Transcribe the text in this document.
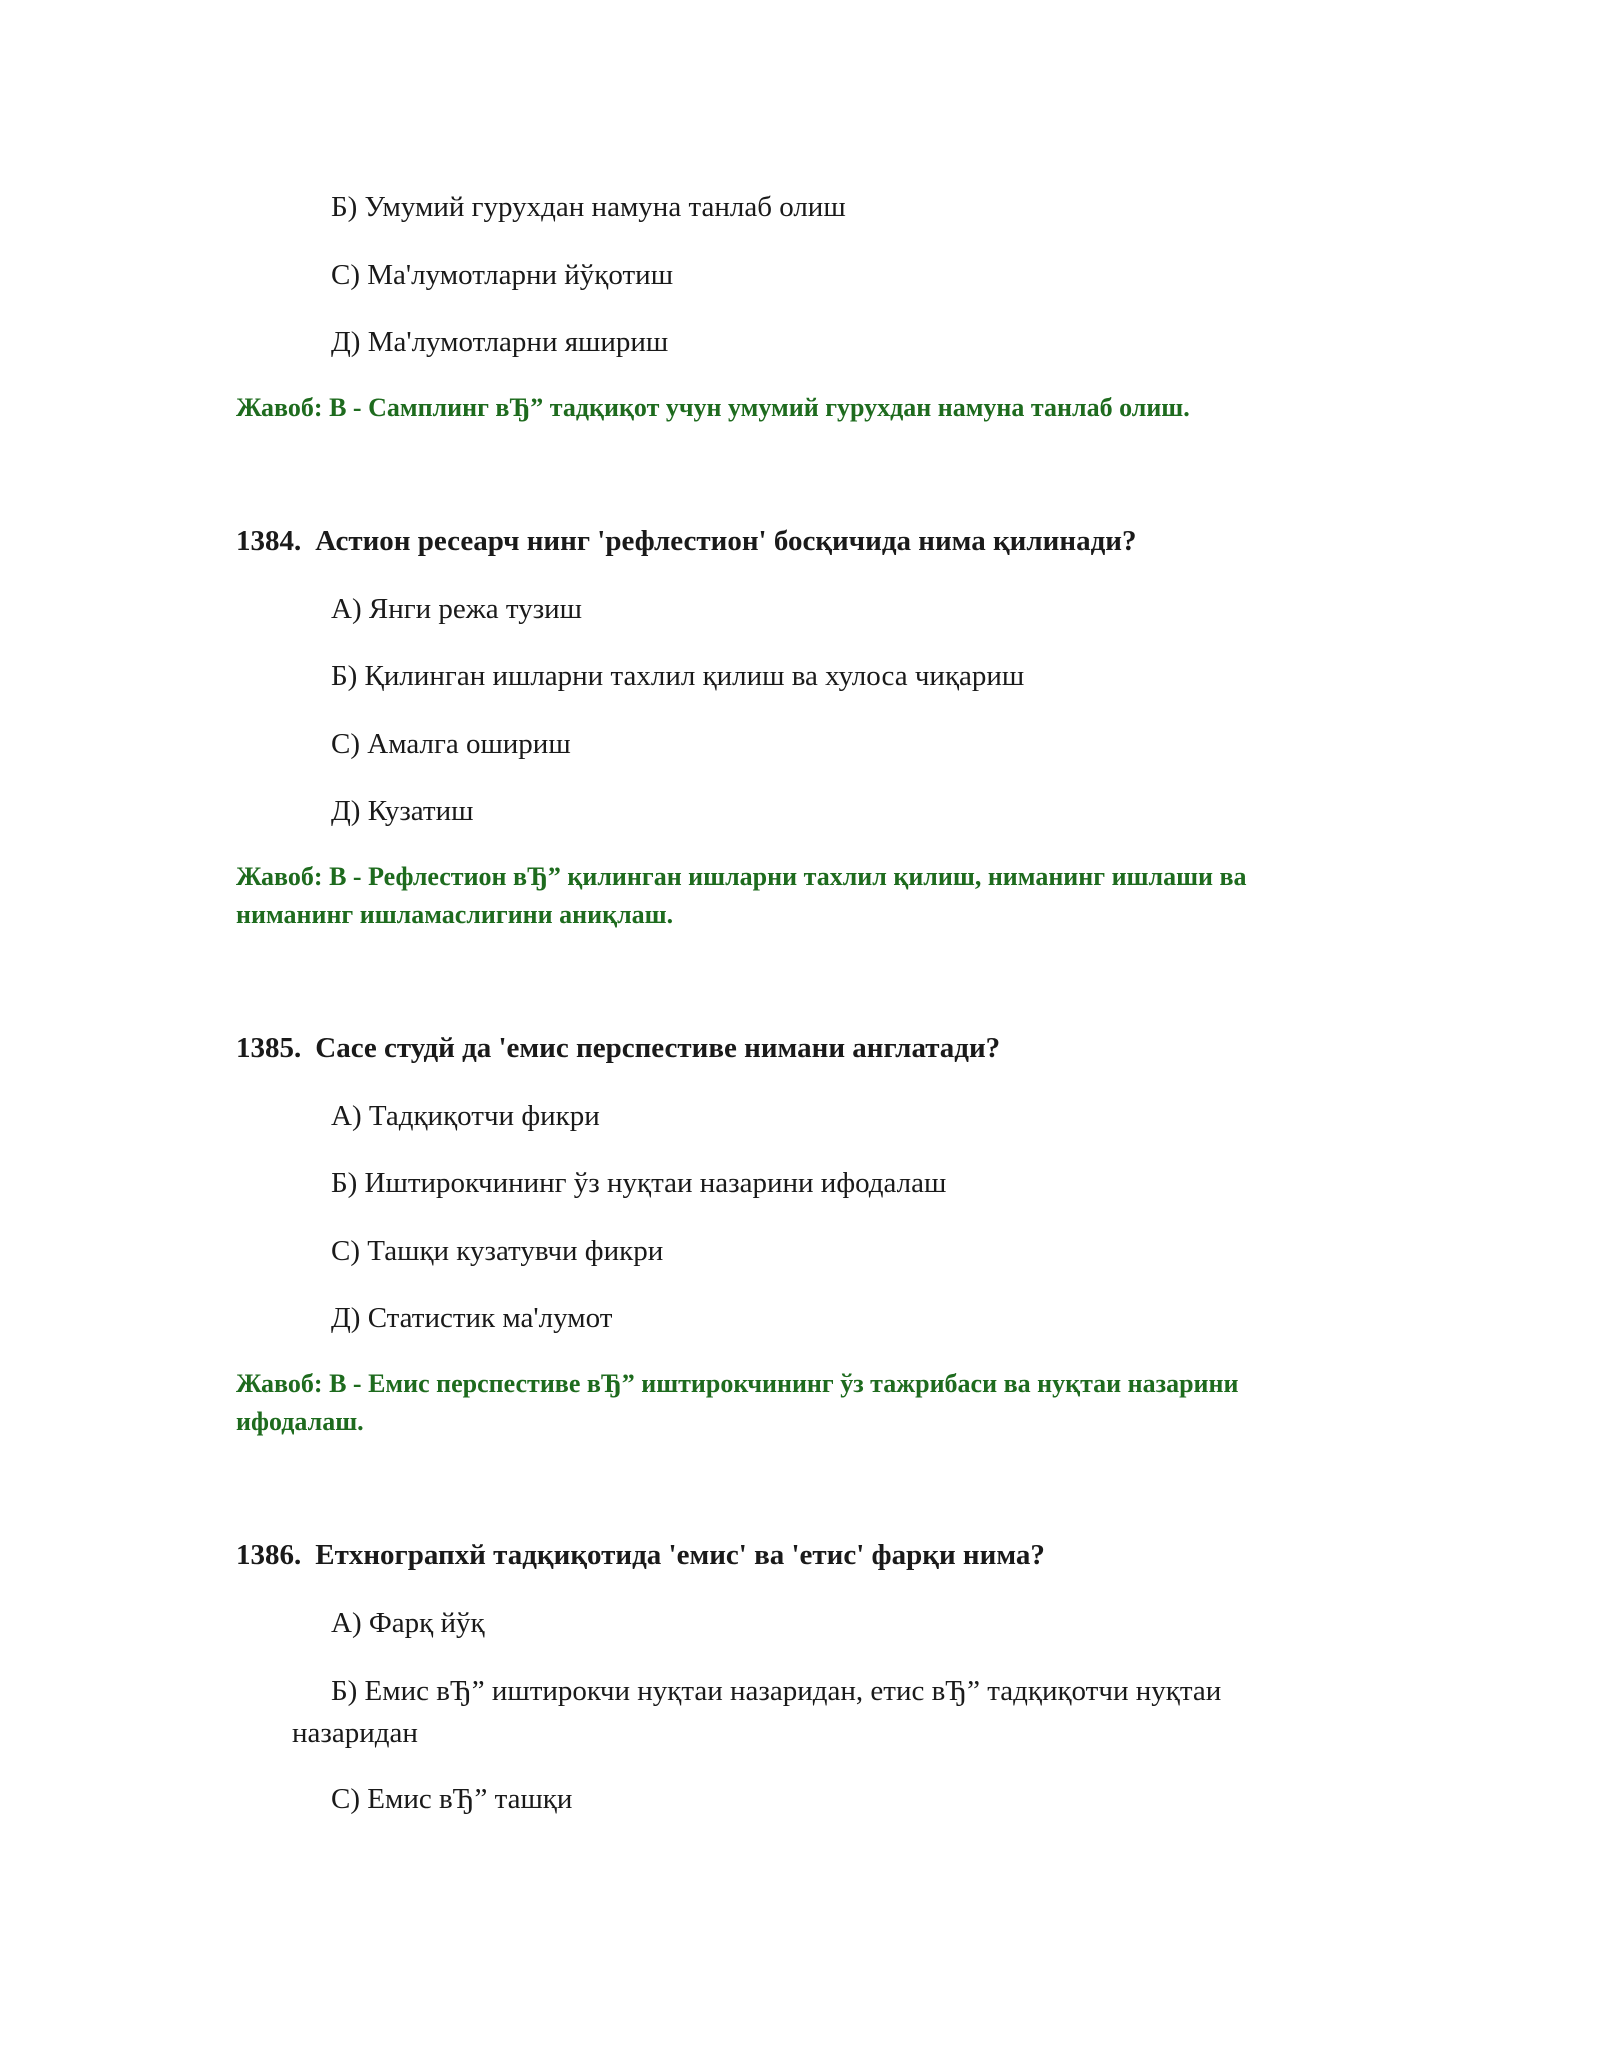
Б) Умумий гурухдан намуна танлаб олиш
С) Ма'лумотларни йўқотиш
Д) Ма'лумотларни яшириш
Жавоб: B - Самплинг вЂ” тадқиқот учун умумий гурухдан намуна танлаб олиш.
1384. Астион ресеарч нинг 'рефлестион' босқичида нима қилинади?
А) Янги режа тузиш
Б) Қилинган ишларни тахлил қилиш ва хулоса чиқариш
С) Амалга ошириш
Д) Кузатиш
Жавоб: B - Рефлестион вЂ” қилинган ишларни тахлил қилиш, ниманинг ишлаши ва ниманинг ишламаслигини аниқлаш.
1385. Сасе студй да 'емис перспестиве нимани англатади?
А) Тадқиқотчи фикри
Б) Иштирокчининг ўз нуқтаи назарини ифодалаш
С) Ташқи кузатувчи фикри
Д) Статистик ма'лумот
Жавоб: B - Емис перспестиве вЂ” иштирокчининг ўз тажрибаси ва нуқтаи назарини ифодалаш.
1386. Етхнограпхй тадқиқотида 'емис' ва 'етис' фарқи нима?
А) Фарқ йўқ
Б) Емис вЂ” иштирокчи нуқтаи назаридан, етис вЂ” тадқиқотчи нуқтаи назаридан
С) Емис вЂ” ташқи
